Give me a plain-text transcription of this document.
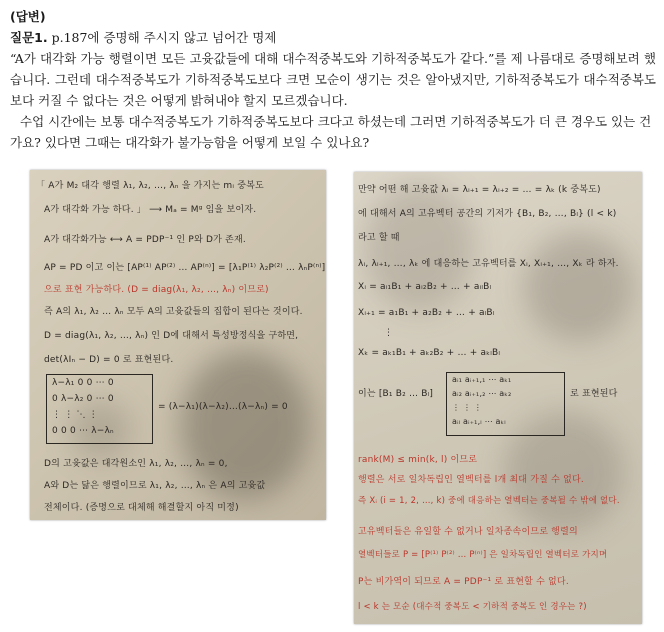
(답변)
질문1. p.187에 증명해 주시지 않고 넘어간 명제

“A가 대각화 가능 행렬이면 모든 고윳값들에 대해 대수적중복도와 기하적중복도가 같다.”를 제 나름대로 증명해보려 했습니다. 그런데 대수적중복도가 기하적중복도보다 크면 모순이 생기는 것은 알아냈지만, 기하적중복도가 대수적중복도보다 커질 수 없다는 것은 어떻게 밝혀내야 할지 모르겠습니다.

수업 시간에는 보통 대수적중복도가 기하적중복도보다 크다고 하셨는데 그러면 기하적중복도가 더 큰 경우도 있는 건가요? 있다면 그때는 대각화가 불가능함을 어떻게 보일 수 있나요?

「 A가 M₂ 대각 행렬 λ₁, λ₂, …, λₙ 을 가지는 mᵢ 중복도
A가 대각화 가능 하다. 」 ⟶ Mₐ = Mᵍ 임을 보이자.
A가 대각화가능 ⟷ A = PDP⁻¹ 인 P와 D가 존재.
AP = PD 이고 이는 [AP⁽¹⁾ AP⁽²⁾ … AP⁽ⁿ⁾] = [λ₁P⁽¹⁾ λ₂P⁽²⁾ … λₙP⁽ⁿ⁾]
으로 표현 가능하다. (D = diag(λ₁, λ₂, …, λₙ) 이므로)
즉 A의 λ₁, λ₂ … λₙ 모두 A의 고윳값들의 집합이 된다는 것이다.
D = diag(λ₁, λ₂, …, λₙ) 인 D에 대해서 특성방정식을 구하면,
det(λIₙ − D) = 0 로 표현된다.
λ−λ₁ 0 0 ⋯ 0
0 λ−λ₂ 0 ⋯ 0
⋮ ⋮ ⋱ ⋮
0 0 0 ⋯ λ−λₙ
= (λ−λ₁)(λ−λ₂)…(λ−λₙ) = 0
D의 고윳값은 대각원소인 λ₁, λ₂, …, λₙ = 0,
A와 D는 닮은 행렬이므로 λ₁, λ₂, …, λₙ 은 A의 고윳값
전체이다. (증명으로 대체해 해결할지 아직 미정)
만약 어떤 해 고윳값 λᵢ = λᵢ₊₁ = λᵢ₊₂ = … = λₖ (k 중복도)
에 대해서 A의 고유벡터 공간의 기저가 {B₁, B₂, …, Bₗ} (l < k)
라고 할 때
λᵢ, λᵢ₊₁, …, λₖ 에 대응하는 고유벡터를 Xᵢ, Xᵢ₊₁, …, Xₖ 라 하자.
Xᵢ = aᵢ₁B₁ + aᵢ₂B₂ + … + aᵢₗBₗ
Xᵢ₊₁ = a₁B₁ + a₂B₂ + … + aₗBₗ
⋮
Xₖ = aₖ₁B₁ + aₖ₂B₂ + … + aₖₗBₗ
이는 [B₁ B₂ … Bₗ]
aᵢ₁ aᵢ₊₁,₁ ⋯ aₖ₁
aᵢ₂ aᵢ₊₁,₂ ⋯ aₖ₂
⋮ ⋮ ⋮
aᵢₗ aᵢ₊₁,ₗ ⋯ aₖₗ
로 표현된다
rank(M) ≤ min(k, l) 이므로
행렬은 서로 일차독립인 열벡터를 l개 최대 가질 수 없다.
즉 Xᵢ (i = 1, 2, …, k) 중에 대응하는 열벡터는 중복될 수 밖에 없다.
고유벡터들은 유일할 수 없거나 일차종속이므로 행렬의
열벡터들로 P = [P⁽¹⁾ P⁽²⁾ … P⁽ⁿ⁾] 은 일차독립인 열벡터로 가지며
P는 비가역이 되므로 A = PDP⁻¹ 로 표현할 수 없다.
l < k 는 모순 (대수적 중복도 < 기하적 중복도 인 경우는 ?)
